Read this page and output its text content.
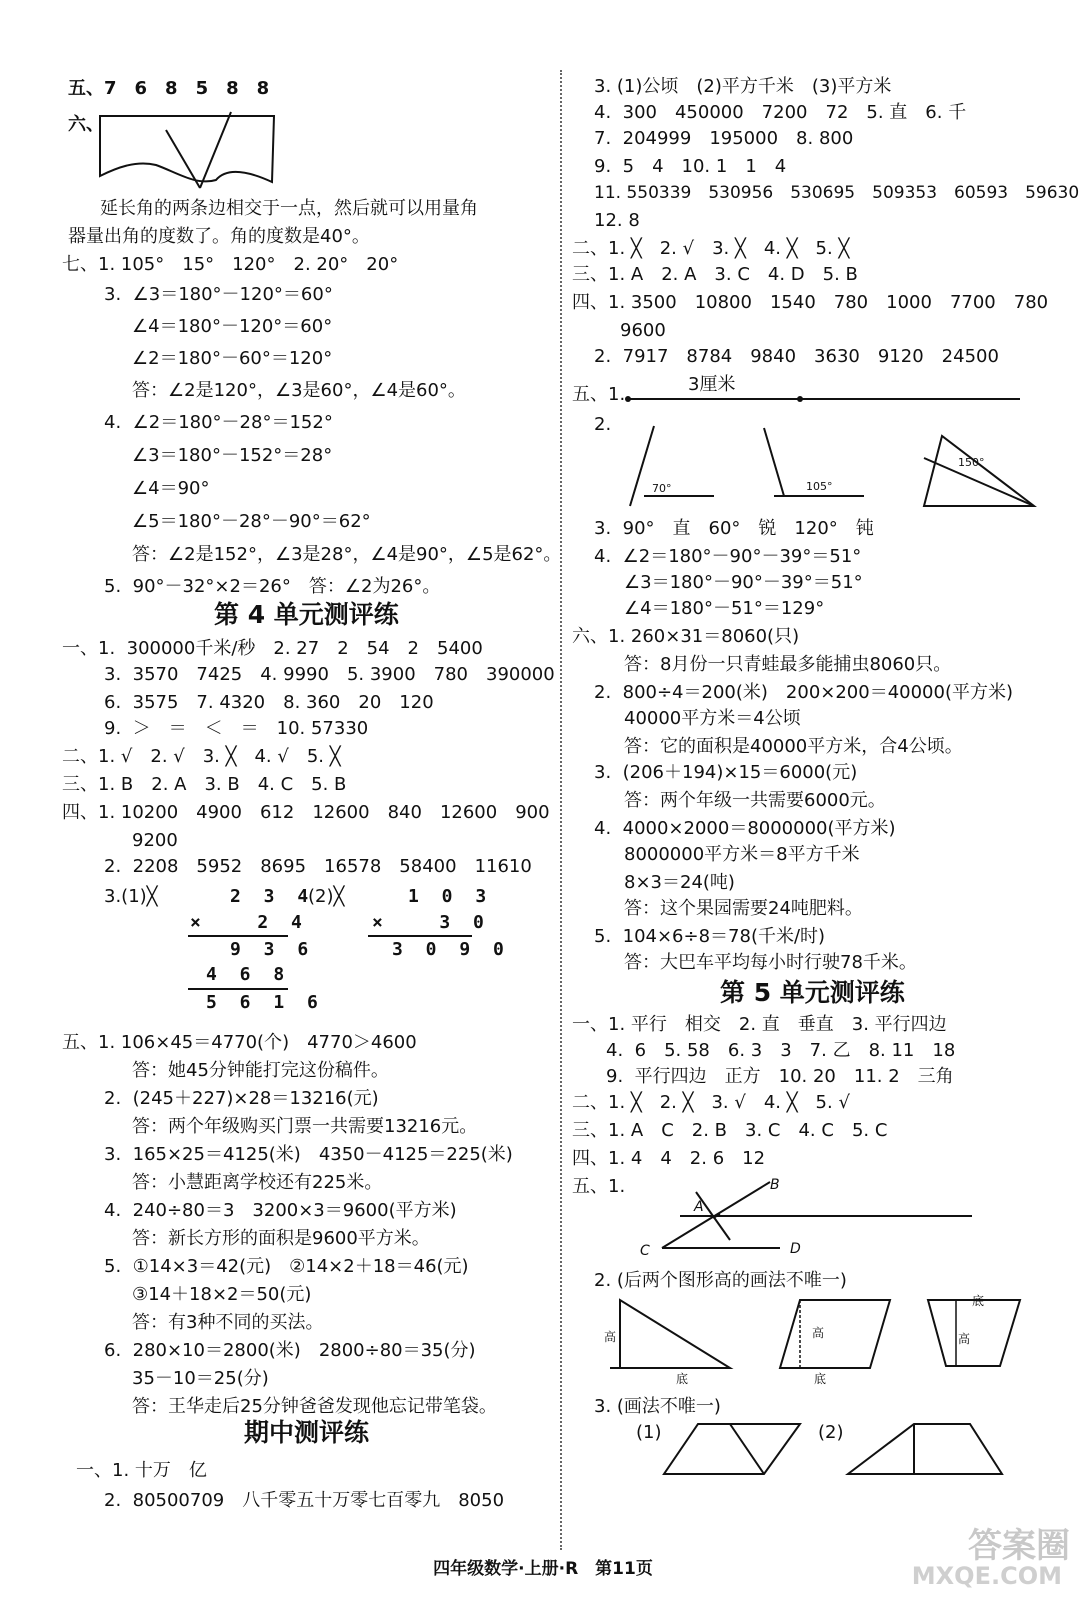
五、7　6　8　5　8　8
六、
延长角的两条边相交于一点，然后就可以用量角
器量出角的度数了。角的度数是40°。
七、1. 105°　15°　120°　2. 20°　20°
3.  ∠3＝180°－120°＝60°
∠4＝180°－120°＝60°
∠2＝180°－60°＝120°
答：∠2是120°，∠3是60°，∠4是60°。
4.  ∠2＝180°－28°＝152°
∠3＝180°－152°＝28°
∠4＝90°
∠5＝180°－28°－90°＝62°
答：∠2是152°，∠3是28°，∠4是90°，∠5是62°。
5.  90°－32°×2＝26°　答：∠2为26°。
第 4 单元测评练
一、1.  300000千米/秒　2. 27　2　54　2　5400
3.  3570　7425　4. 9990　5. 3900　780　390000
6.  3575　7. 4320　8. 360　20　120
9.  ＞　＝　＜　＝　10. 57330
二、1. √　2. √　3. ╳　4. √　5. ╳
三、1. B　2. A　3. B　4. C　5. B
四、1. 10200　4900　612　12600　840　12600　900
9200
2.  2208　5952　8695　16578　58400　11610
3.(1)╳	(2)╳
2 3 4
×   2 4
9 3 6
4 6 8
5 6 1 6
1 0 3
×   3 0
3 0 9 0
五、1. 106×45＝4770(个)　4770＞4600
答：她45分钟能打完这份稿件。
2.  (245＋227)×28＝13216(元)
答：两个年级购买门票一共需要13216元。
3.  165×25＝4125(米)　4350－4125＝225(米)
答：小慧距离学校还有225米。
4.  240÷80＝3　3200×3＝9600(平方米)
答：新长方形的面积是9600平方米。
5.  ①14×3＝42(元)　②14×2＋18＝46(元)
③14＋18×2＝50(元)
答：有3种不同的买法。
6.  280×10＝2800(米)　2800÷80＝35(分)
35－10＝25(分)
答：王华走后25分钟爸爸发现他忘记带笔袋。
期中测评练
一、1. 十万　亿
2.  80500709　八千零五十万零七百零九　8050
3. (1)公顷　(2)平方千米　(3)平方米
4.  300　450000　7200　72　5. 直　6. 千
7.  204999　195000　8. 800
9.  5　4　10. 1　1　4
11. 550339　530956　530695　509353　60593　59630
12. 8
二、1. ╳　2. √　3. ╳　4. ╳　5. ╳
三、1. A　2. A　3. C　4. D　5. B
四、1. 3500　10800　1540　780　1000　7700　780
9600
2.  7917　8784　9840　3630　9120　24500
五、1.	3厘米
2.
70°	105°
150°
3.  90°　直　60°　锐　120°　钝
4.  ∠2＝180°－90°－39°＝51°
∠3＝180°－90°－39°＝51°
∠4＝180°－51°＝129°
六、1. 260×31＝8060(只)
答：8月份一只青蛙最多能捕虫8060只。
2.  800÷4＝200(米)　200×200＝40000(平方米)
40000平方米＝4公顷
答：它的面积是40000平方米，合4公顷。
3.  (206＋194)×15＝6000(元)
答：两个年级一共需要6000元。
4.  4000×2000＝8000000(平方米)
8000000平方米＝8平方千米
8×3＝24(吨)
答：这个果园需要24吨肥料。
5.  104×6÷8＝78(千米/时)
答：大巴车平均每小时行驶78千米。
第 5 单元测评练
一、1. 平行　相交　2. 直　垂直　3. 平行四边
4.  6　5. 58　6. 3　3　7. 乙　8. 11　18
9.  平行四边　正方　10. 20　11. 2　三角
二、1. ╳　2. ╳　3. √　4. ╳　5. √
三、1. A　C　2. B　3. C　4. C　5. C
四、1. 4　4　2. 6　12
五、1.
A
B
C	D
2. (后两个图形高的画法不唯一)
高
底
高
底
高
底
3. (画法不唯一)
(1)	(2)
四年级数学·上册·R　第11页
答案圈
MXQE.COM
